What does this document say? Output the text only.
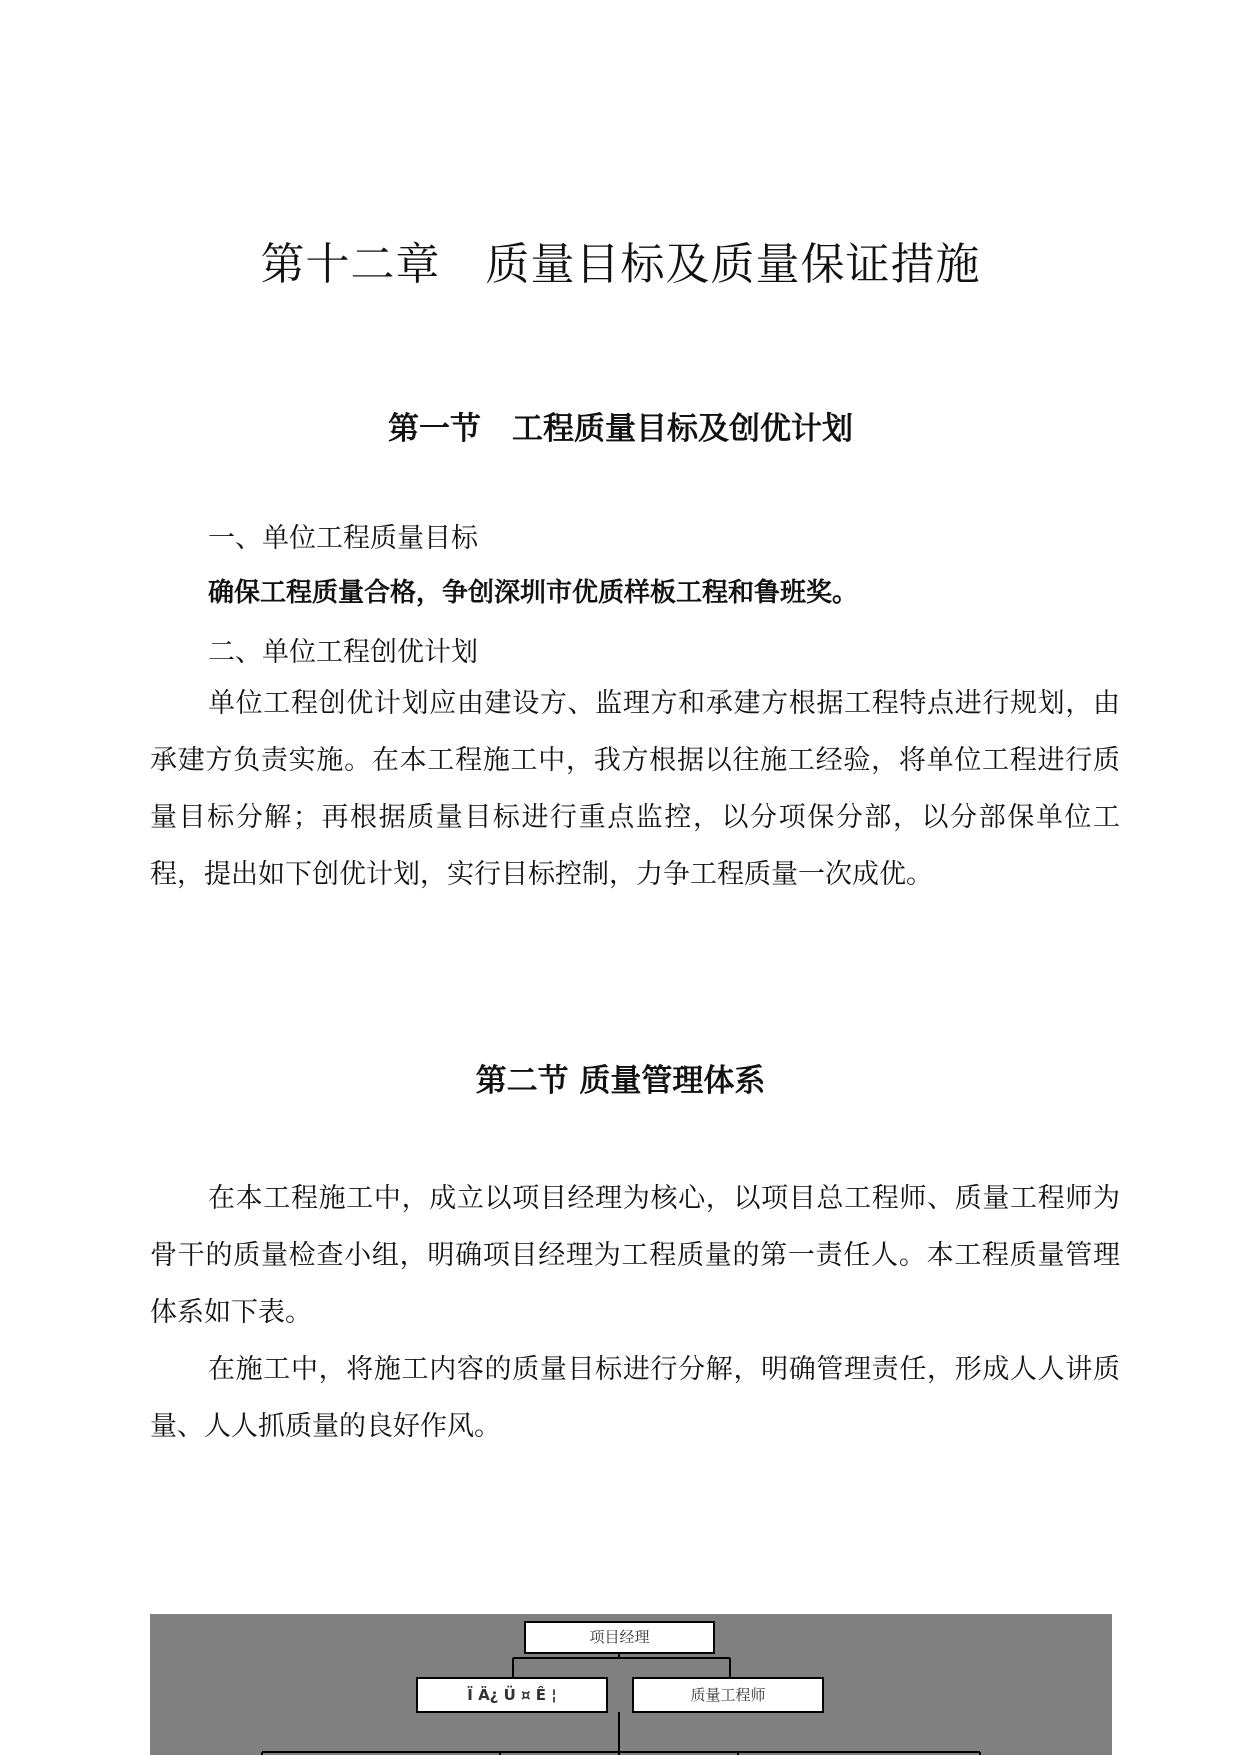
第十二章　质量目标及质量保证措施
第一节　工程质量目标及创优计划
一、单位工程质量目标
确保工程质量合格，争创深圳市优质样板工程和鲁班奖。
二、单位工程创优计划
单位工程创优计划应由建设方、监理方和承建方根据工程特点进行规划，由承建方负责实施。在本工程施工中，我方根据以往施工经验，将单位工程进行质量目标分解；再根据质量目标进行重点监控，以分项保分部，以分部保单位工程，提出如下创优计划，实行目标控制，力争工程质量一次成优。
第二节 质量管理体系
在本工程施工中，成立以项目经理为核心，以项目总工程师、质量工程师为骨干的质量检查小组，明确项目经理为工程质量的第一责任人。本工程质量管理体系如下表。
在施工中，将施工内容的质量目标进行分解，明确管理责任，形成人人讲质量、人人抓质量的良好作风。
项目经理
Ï Ä¿ Ü ¤ Ê ¦	质量工程师
